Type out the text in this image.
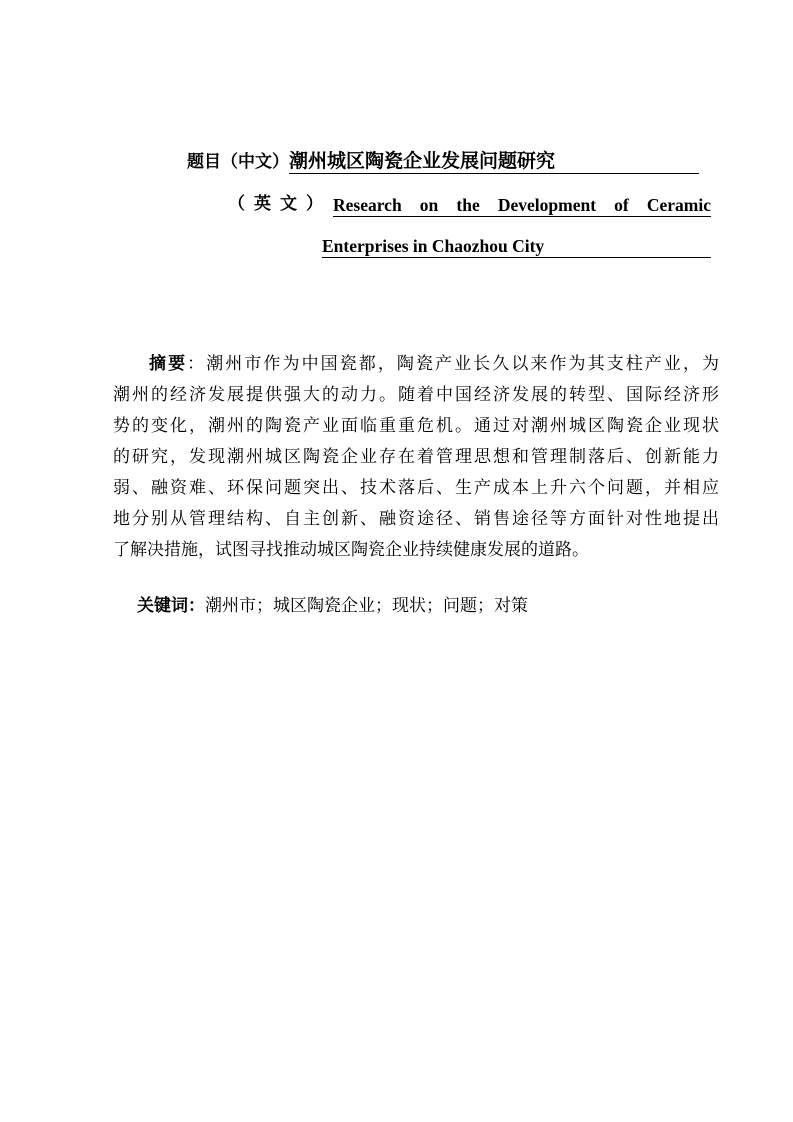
题目（中文）潮州城区陶瓷企业发展问题研究
（英文） Research on the Development of Ceramic
Enterprises in Chaozhou City
摘要：潮州市作为中国瓷都，陶瓷产业长久以来作为其支柱产业，为
潮州的经济发展提供强大的动力。随着中国经济发展的转型、国际经济形
势的变化，潮州的陶瓷产业面临重重危机。通过对潮州城区陶瓷企业现状
的研究，发现潮州城区陶瓷企业存在着管理思想和管理制落后、创新能力
弱、融资难、环保问题突出、技术落后、生产成本上升六个问题，并相应
地分别从管理结构、自主创新、融资途径、销售途径等方面针对性地提出
了解决措施，试图寻找推动城区陶瓷企业持续健康发展的道路。
关键词：潮州市；城区陶瓷企业；现状；问题；对策
